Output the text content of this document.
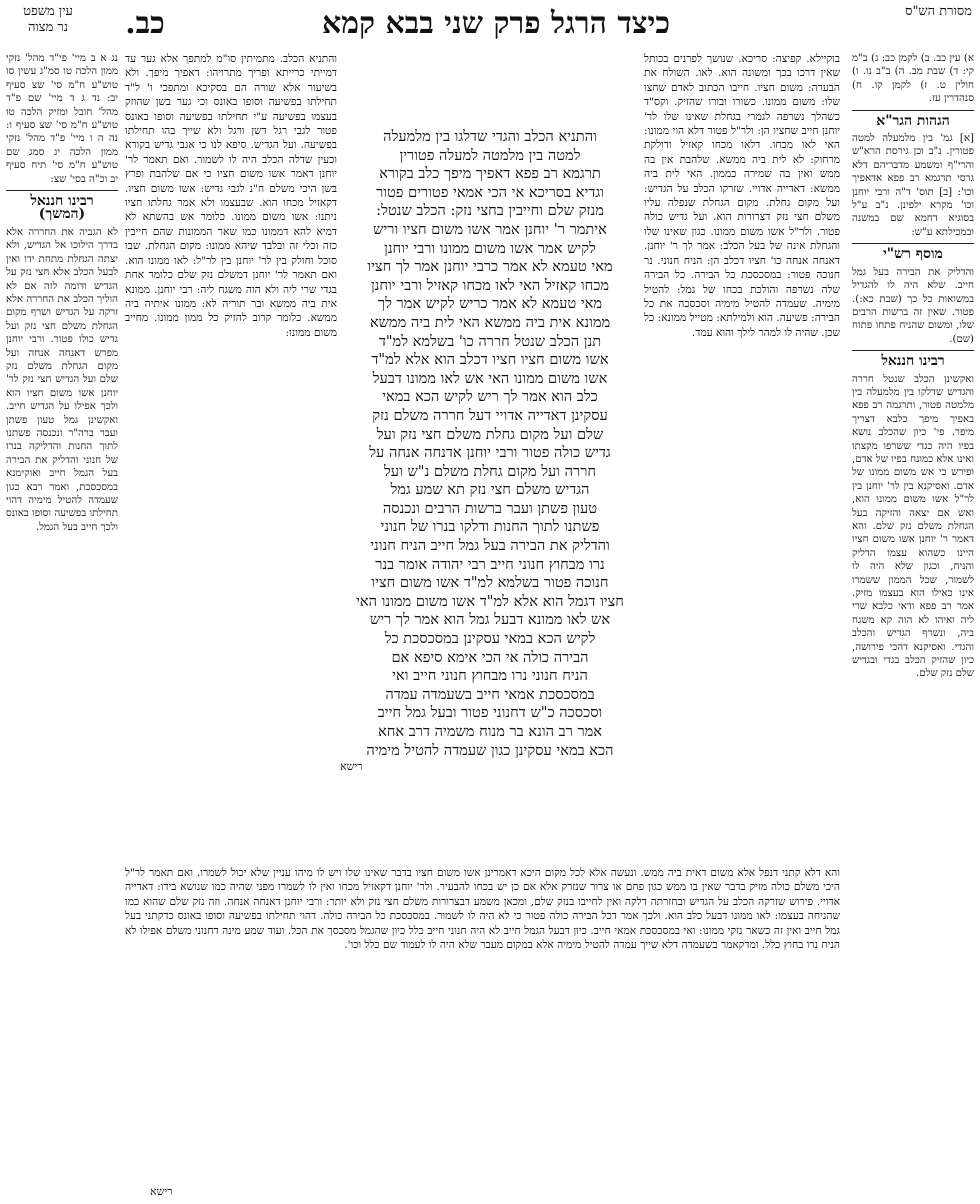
מסורת הש"ס
כיצד הרגל פרק שני בבא קמא
כב.
עין משפט
נר מצוה

א) עין כב. ב) לקמן כב: ג) ב"מ קי: ד) שבת מב. ה) ב"ב נו. ו) חולין ט. ז) לקמן קו. ח) סנהדרין עז.

הגהות הגר"א

[א] גמ' בין מלמעלה למטה פטורין. נ"ב וכן גירסת הרא"ש והרי"ף ומשמע מדבריהם דלא גרסי תרגמא רב פפא אדאפיך וכו': [ב] תוס' ד"ה ורבי יוחנן וכו' מקרא ילפינן. נ"ב ע"ל בסוגיא דחמא שם במשנה ובמכילתא ע"ש:

מוסף רש"י

והדליק את הבירה בעל גמל חייב. שלא היה לו להגדיל במשואות כל כך (שבת כא:). פטור. שאין זה ברשות הרבים שלו, ומשום שהניח פתחו פתוח (שם).

רבינו חננאל

ואקשינן הכלב שנטל חררה והגדיש שדלקו בין מלמעלה בין מלמטה פטור, ותרגמה רב פפא באפיך מיפך כלבא דצריך מיפר. פי' כיון שהכלב נושא בפיו היה כגדי ששרפו מקצתו ואינו אלא כמונח בפיו של אדם, ופירש כי אש משום ממונו של אדם. ואסיקנא בין לר' יוחנן בין לר"ל אשו משום ממונו הוא, ואש אם יצאה והזיקה בעל הגחלת משלם נזק שלם. והא דאמר ר' יוחנן אשו משום חציו היינו כשהוא עצמו הדליק והניח, וכגון שלא היה לו לשמור, שכל הממון ששמרו אינו כאילו הוא בעצמו מזיק. אמר רב פפא ודאי כלבא שרי ליה ואיהו לא הוה קא משגח ביה, ונשרף הגדיש והכלב והגדי. ואסיקנא דהכי פירושה, כיון שהזיק הכלב בגדי ובגדיש שלם נזק שלם.

בוקיילא. קפיצה: סריכא. שנושך לפרנים בכותל שאין דרכו בכך ומשונה הוא. לאו. השולח את הבערה: משום חציו. חייבו הכתוב לאדם שחצו שלו: משום ממונו. כשורו ובורו שהזיק. וקס"ד כשהלך נשרפה לגמרי בגחלת שאינו שלו לר' יוחנן חייב שחציו הן: ולר"ל פטור דלא הוי ממונו: האי לאו מכחו. דלאו מכחו קאזיל ודולקת מרחוק: לא לית ביה ממשא. שלהבת אין בה ממש ואין בה שמירה כממון. האי לית ביה ממשא: דאדייה אדויי. שזרקו הכלב על הגדיש: ועל מקום גחלת. מקום הגחלת שנפלה עליו משלם חצי נזק דצרורות הוא. ועל גדיש כולה פטור. ולר"ל אשו משום ממונו. כגון שאינו שלו והגחלת אינה של בעל הכלב: אמר לך ר' יוחנן. דאנחה אנחה כו' חציו דכלב הן: הניח חנוני. נר חנוכה פטור: במסכסכת כל הבירה. כל הבירה שלה נשרפה והולכת בכחו של גמל: להטיל מימיה. שעמדה להטיל מימיה וסכסכה את כל הבירה: פשיעה. הוא ולמילתא: מטייל ממונא: כל שכן. שהיה לו למהר לילך והוא עמד.

והתניא הכלב והגדי שדלגו בין מלמעלה

למטה בין מלמטה למעלה פטורין

תרגמא רב פפא דאפיך מיפך כלב בקורא

וגדיא בסריכא אי הכי אמאי פטורים פטור

מנזק שלם וחייבין בחצי נזק: הכלב שנטל:

איתמר ר' יוחנן אמר אשו משום חציו וריש

לקיש אמר אשו משום ממונו ורבי יוחנן

מאי טעמא לא אמר כרבי יוחנן אמר לך חציו

מכחו קאזיל האי לאו מכחו קאזיל ורבי יוחנן

מאי טעמא לא אמר כריש לקיש אמר לך

ממונא אית ביה ממשא האי לית ביה ממשא

תנן הכלב שנטל חררה כו' בשלמא למ"ד

אשו משום חציו חציו דכלב הוא אלא למ"ד

אשו משום ממונו האי אש לאו ממונו דבעל

כלב הוא אמר לך ריש לקיש הכא במאי

עסקינן דאדייה אדויי דעל חררה משלם נזק

שלם ועל מקום גחלת משלם חצי נזק ועל

גדיש כולה פטור ורבי יוחנן אדנחה אנחה על

חררה ועל מקום גחלת משלם נ"ש ועל

הגדיש משלם חצי נזק תא שמע גמל

טעון פשתן ועבר ברשות הרבים ונכנסה

פשתנו לתוך החנות ודלקו בנרו של חנוני

והדליק את הבירה בעל גמל חייב הניח חנוני

נרו מבחוץ חנוני חייב רבי יהודה אומר בנר

חנוכה פטור בשלמא למ"ד אשו משום חציו

חציו דגמל הוא אלא למ"ד אשו משום ממונו האי

אש לאו ממונא דבעל גמל הוא אמר לך ריש

לקיש הכא במאי עסקינן במסכסכת כל

הבירה כולה אי הכי אימא סיפא אם

הניח חנוני נרו מבחוץ חנוני חייב ואי

במסכסכת אמאי חייב בשעמדה עמדה

וסכסכה כ"ש דחנוני פטור ובעל גמל חייב

אמר רב הונא בר מנוח משמיה דרב אחא

הכא במאי עסקינן כגון שעמדה להטיל מימיה

רישא

והתניא הכלב. מתמיתין סו"מ למתפך אלא גער עד דמייתי כרייתא ופריך מתרויהו: דאפיך מיפך. ולא בשיעור אלא שורה הם בסקיכא ומתפכי ו' ל"ד תחילתו בפשיעה וסופו באונס וכי גער בשן שהוזק בעצמו בפשיעה ע"י תחילתו בפשיעה וסופו באונס פטור לגבי רגל דשן ורגל ולא שייך בהו תחילתו בפשיעה. ועל הגדיש. סיפא לנו כי אגבי גדיש בקורא וכעין שדלה הכלב היה לו לשמור. ואם תאמר לר' יוחנן דאמר אשו משום חציו כי אם שלהבת ופרץ בשן היכי משלם ח"נ לגבי גדיש: אשו משום חציו. דקאזיל מכחו הוא. שבעצמו ולא אמר גחלתו חציו ניתנו: אשו משום ממונו. כלומר אש בהשתא לא דמיא להא דממונו כמו שאר הממונות שהם חייבין כזה וכלי זה ובלבד שיהא ממונו: מקום הגחלת. שבו סוכל וחולק בין לר' יוחנן בין לר"ל: לאו ממונו הוא. ואם תאמר לר' יוחנן דמשלם נזק שלם כלומר אחת בגדי שרי ליה ולא הוה משגח ליה: רבי יוחנן. ממונא אית ביה ממשא ובר תוריה לא: ממונו איתיה ביה ממשא. כלומר קרוב להזיק כל ממון ממונו. מחייב משום ממונו:

והא דלא קתני דנפל אלא משום דאית ביה ממש. ונעשה אלא לכל מקום היכא דאמרינן אשו משום חציו בדבר שאינו שלו ויש לו מיהו עניין שלא יכול לשמרו. ואם תאמר לר"ל היכי משלם כולה מזיק בדבר שאין בו ממש כגון פחם או צרור שנזרק אלא אם כן יש בכחו להבעיר. ולר' יוחנן דקאזיל מכחו ואין לו לשמרו מפני שהיה כמו שנושא בידו: דאדייה אדויי. פירוש שזרקה הכלב על הגדיש ובחזרתה דלקה ואין לחייבו בנזק שלם, ומכאן משמע דבצרורות משלם חצי נזק ולא יותר: ורבי יוחנן דאנחה אנחה. וזה נזק שלם שהוא כמו שהניחה בעצמו: לאו ממונו דבעל כלב הוא. ולכך אמר דכל הבירה כולה פטור כי לא היה לו לשמור. במסכסכת כל הבירה כולה. דהוי תחילתו בפשיעה וסופו באונס כדקתני בעל גמל חייב ואין זה כשאר נזקי ממונו: ואי במסכסכת אמאי חייב. כיון דבעל הגמל חייב לא היה חנוני חייב כלל כיון שהגמל מסכסך את הכל. ועוד שמע מינה דחנוני משלם אפילו לא הניח נרו בחוץ כלל. ומדקאמר בשעמדה דלא שייך עמדה להטיל מימיה אלא במקום מעבר שלא היה לו לעמוד שם כלל וכו'.

רישא

נג א ב מיי' פי"ד מהל' נזקי ממון הלכה טו סמ"ג עשין סו טוש"ע ח"מ סי' שצ סעיף יב: נד ג ד מיי' שם פ"ד מהל' חובל ומזיק הלכה טו טוש"ע ח"מ סי' שצ סעיף ו: נה ה ו מיי' פ"ד מהל' נזקי ממון הלכה יג סמג שם טוש"ע ח"מ סי' תיח סעיף יב וכ"ה בסי' שצ:

רבינו חננאל (המשך)

לא הגביה את החררה אלא בדרך הילוכו אל הגדיש, ולא יצתה הגחלת מתחת ידו ואין לבעל הכלב אלא חצי נזק על הגדיש ודומה לזה אם לא הוליך הכלב את החררה אלא זרקה על הגדיש ושרף מקום הגחלת משלם חצי נזק ועל גדיש כולו פטור. ורבי יוחנן מפרש דאנחה אנחה ועל מקום הגחלת משלם נזק שלם ועל הגדיש חצי נזק לר' יוחנן אשו משום חציו הוא ולכך אפילו על הגדיש חייב. ואקשינן גמל טעון פשתן ועבר ברה"ר ונכנסה פשתנו לתוך החנות והדליקה בנרו של חנוני והדליק את הבירה בעל הגמל חייב ואוקימנא במסכסכת, ואמר רבא כגון שעמדה להטיל מימיה דהוי תחילתו בפשיעה וסופו באונס ולכך חייב בעל הגמל.
